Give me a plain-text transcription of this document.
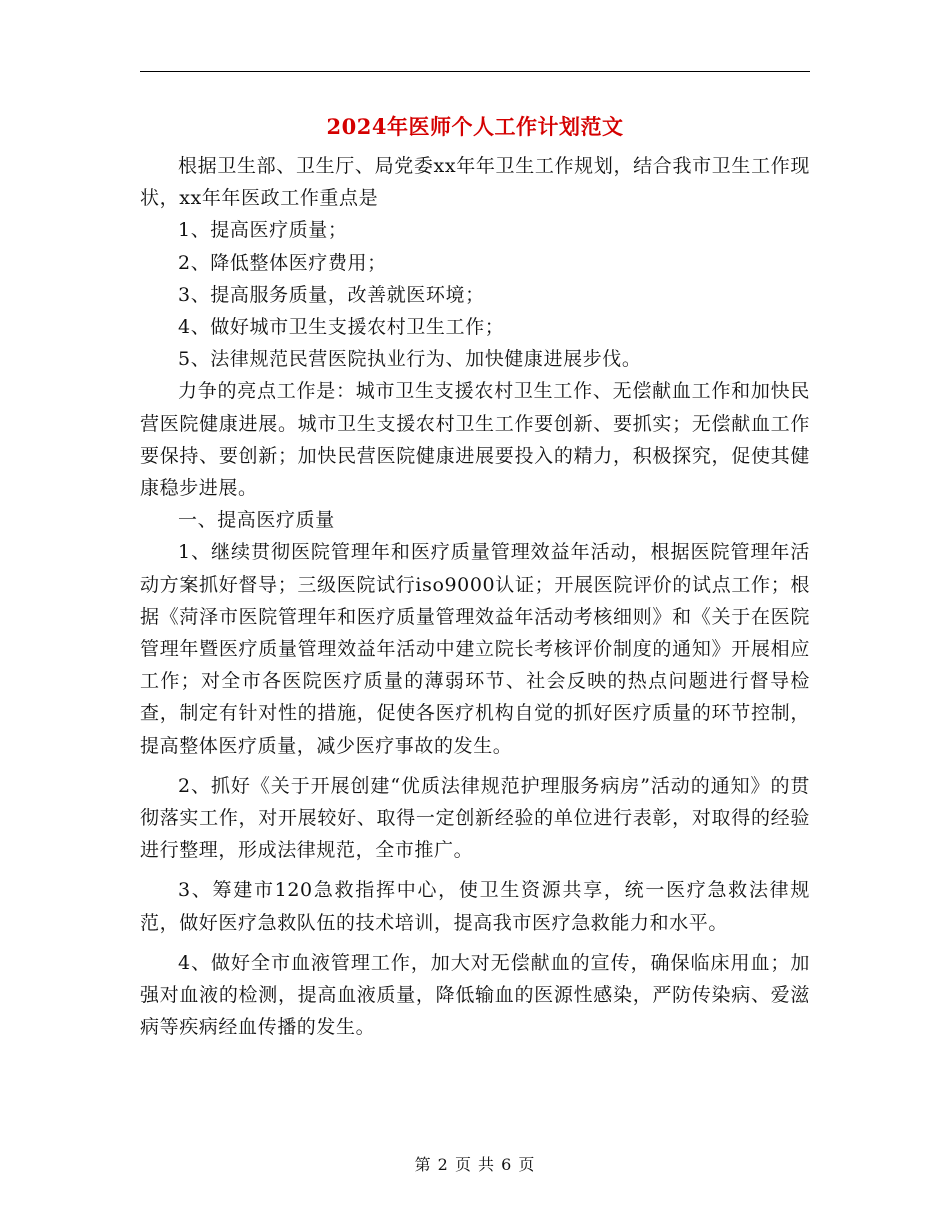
2024年医师个人工作计划范文

根据卫生部、卫生厅、局党委xx年年卫生工作规划，结合我市卫生工作现状，xx年年医政工作重点是

1、提高医疗质量；

2、降低整体医疗费用；

3、提高服务质量，改善就医环境；

4、做好城市卫生支援农村卫生工作；

5、法律规范民营医院执业行为、加快健康进展步伐。

力争的亮点工作是：城市卫生支援农村卫生工作、无偿献血工作和加快民营医院健康进展。城市卫生支援农村卫生工作要创新、要抓实；无偿献血工作要保持、要创新；加快民营医院健康进展要投入的精力，积极探究，促使其健康稳步进展。

一、提高医疗质量

1、继续贯彻医院管理年和医疗质量管理效益年活动，根据医院管理年活动方案抓好督导；三级医院试行iso9000认证；开展医院评价的试点工作；根据《菏泽市医院管理年和医疗质量管理效益年活动考核细则》和《关于在医院管理年暨医疗质量管理效益年活动中建立院长考核评价制度的通知》开展相应工作；对全市各医院医疗质量的薄弱环节、社会反映的热点问题进行督导检查，制定有针对性的措施，促使各医疗机构自觉的抓好医疗质量的环节控制，提高整体医疗质量，减少医疗事故的发生。

2、抓好《关于开展创建“优质法律规范护理服务病房”活动的通知》的贯彻落实工作，对开展较好、取得一定创新经验的单位进行表彰，对取得的经验进行整理，形成法律规范，全市推广。

3、筹建市120急救指挥中心，使卫生资源共享，统一医疗急救法律规范，做好医疗急救队伍的技术培训，提高我市医疗急救能力和水平。

4、做好全市血液管理工作，加大对无偿献血的宣传，确保临床用血；加强对血液的检测，提高血液质量，降低输血的医源性感染，严防传染病、爱滋病等疾病经血传播的发生。

第 2 页 共 6 页
